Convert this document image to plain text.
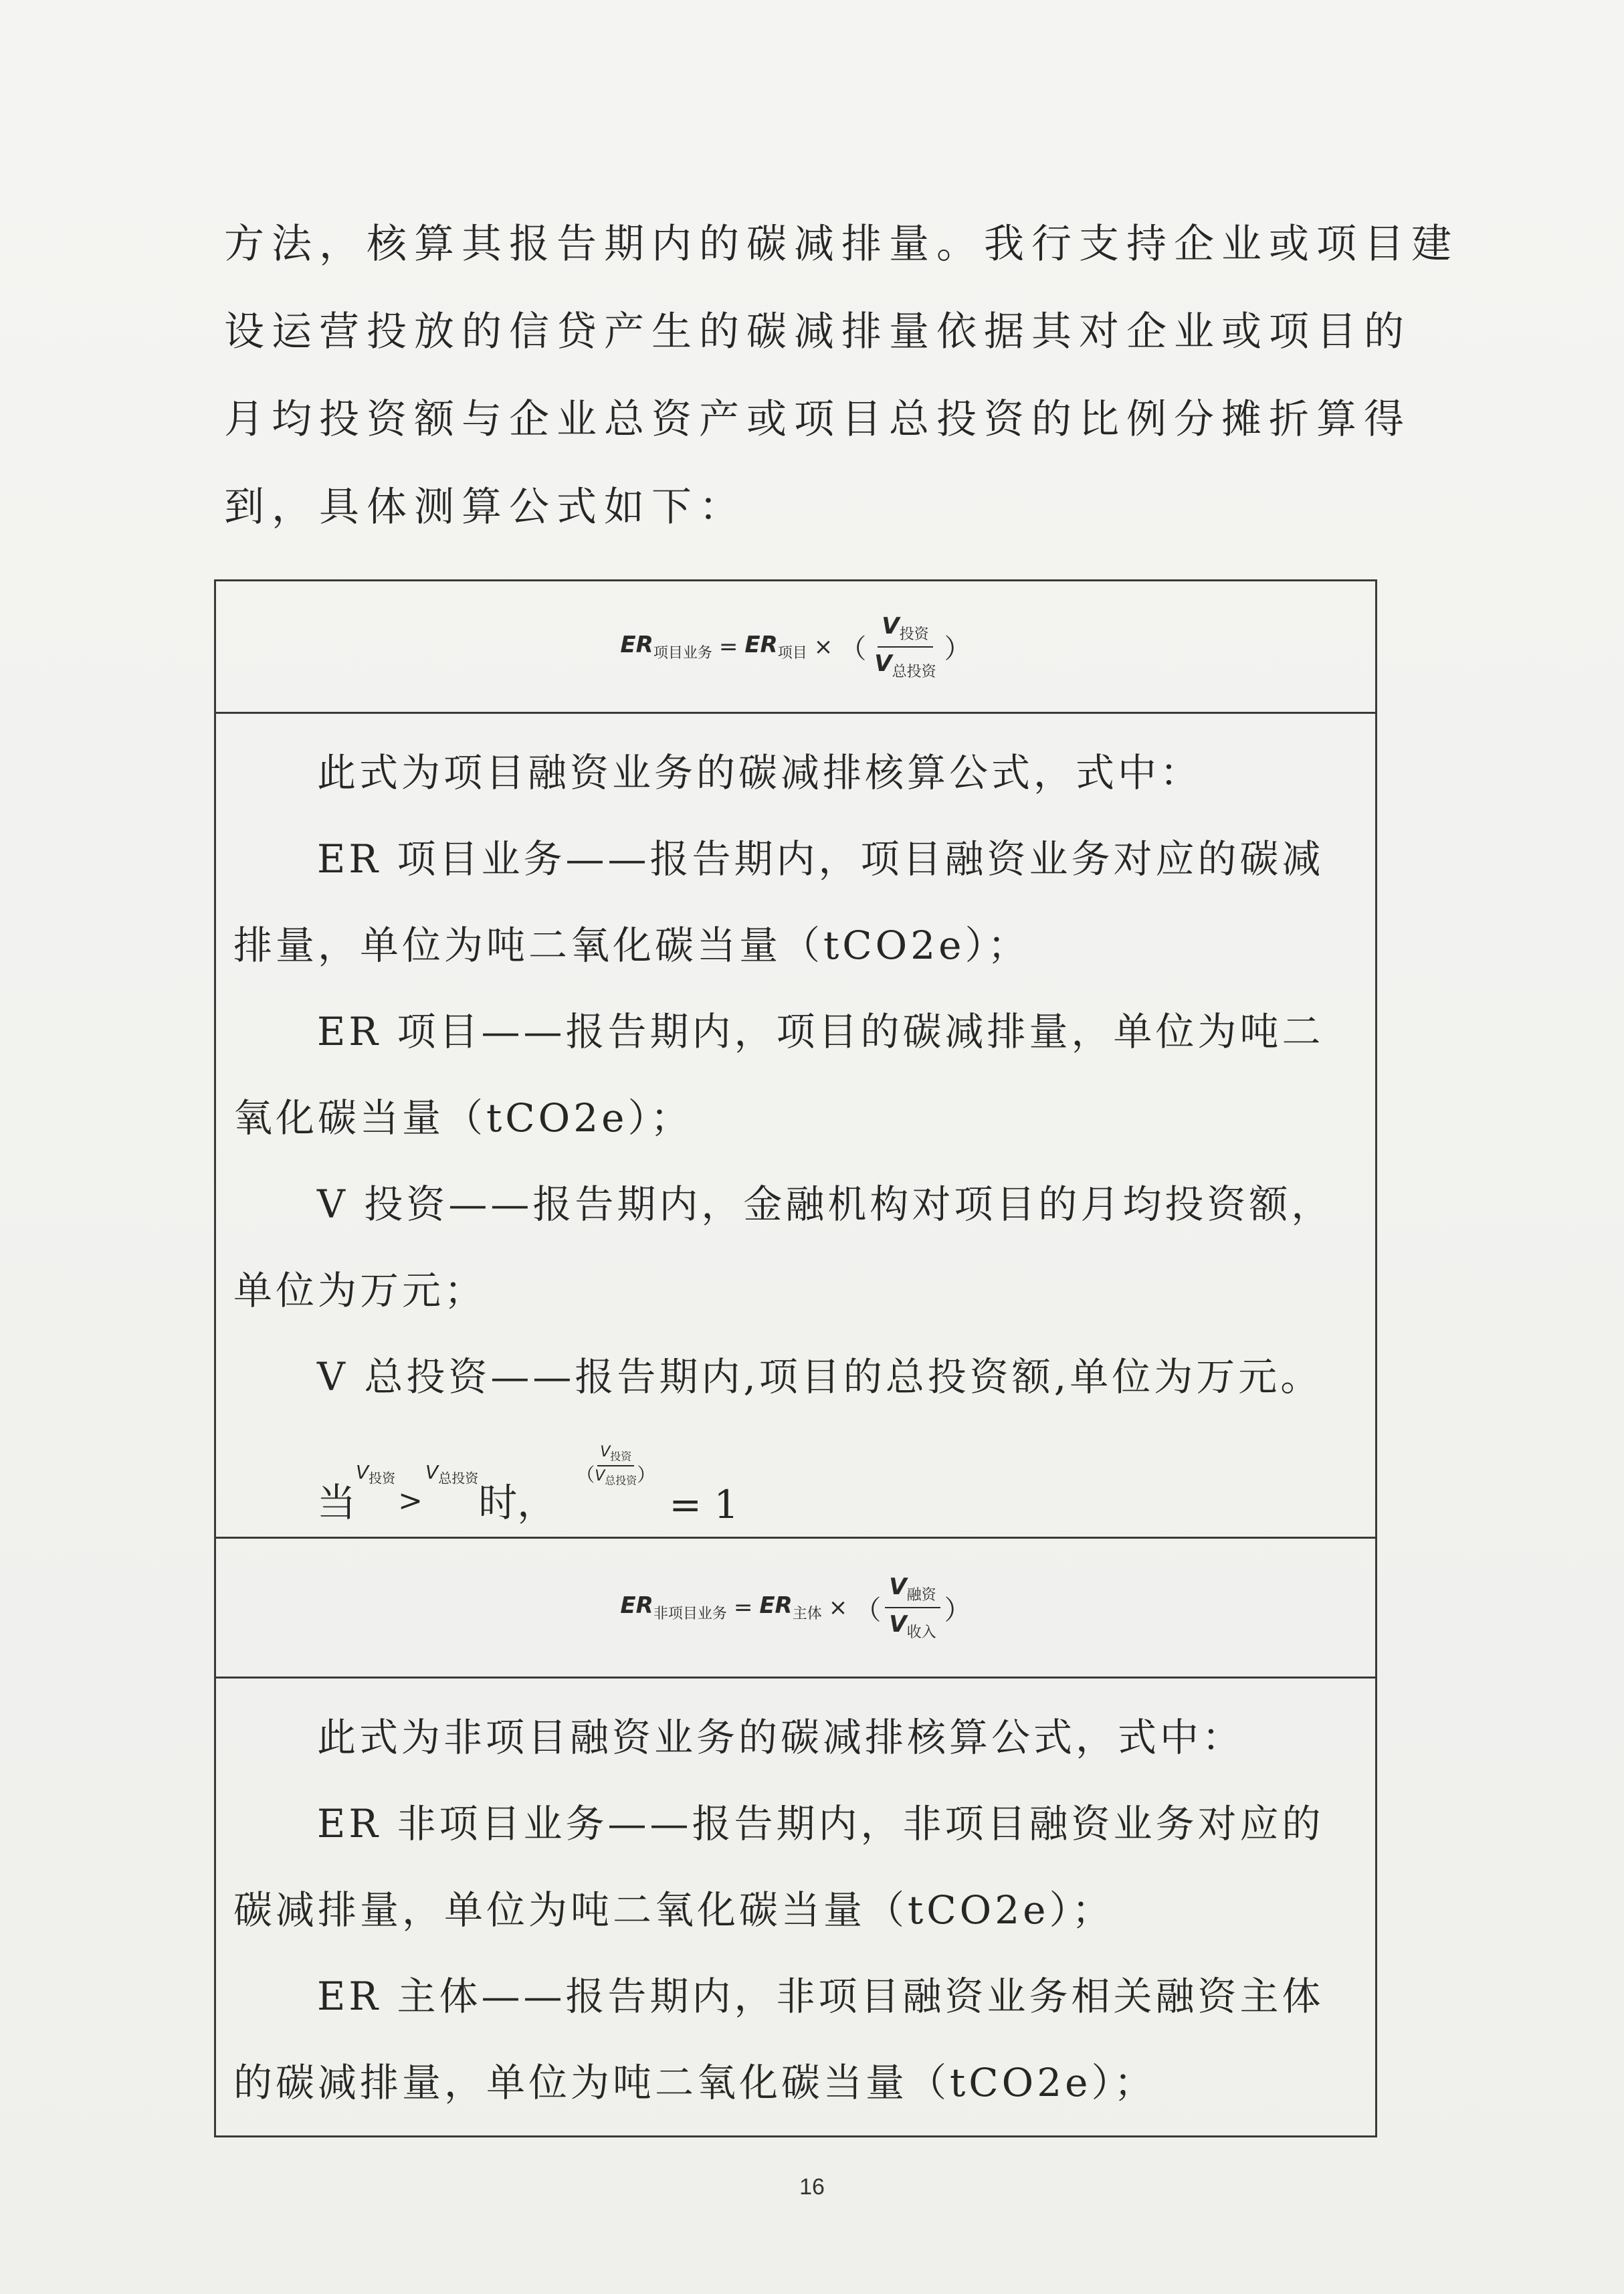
方法，核算其报告期内的碳减排量。我行支持企业或项目建
设运营投放的信贷产生的碳减排量依据其对企业或项目的
月均投资额与企业总资产或项目总投资的比例分摊折算得
到，具体测算公式如下：
$ER_{项目业务} = ER_{项目}$ × （ $\frac{V_{投资}}{V_{总投资}}$ ）

此式为项目融资业务的碳减排核算公式，式中：

ER 项目业务——报告期内，项目融资业务对应的碳减

排量，单位为吨二氧化碳当量（tCO2e）；

ER 项目——报告期内，项目的碳减排量，单位为吨二

氧化碳当量（tCO2e）；

V 投资——报告期内，金融机构对项目的月均投资额，

单位为万元；

V 总投资——报告期内,项目的总投资额,单位为万元。

当
$V_{投资}$
>
$V_{总投资}$
时，
（ $\frac{V_{投资}}{V_{总投资}}$ ）
= 1
$ER_{非项目业务} = ER_{主体}$ × （ $\frac{V_{融资}}{V_{收入}}$ ）

此式为非项目融资业务的碳减排核算公式，式中：

ER 非项目业务——报告期内，非项目融资业务对应的

碳减排量，单位为吨二氧化碳当量（tCO2e）；

ER 主体——报告期内，非项目融资业务相关融资主体

的碳减排量，单位为吨二氧化碳当量（tCO2e）；

16
